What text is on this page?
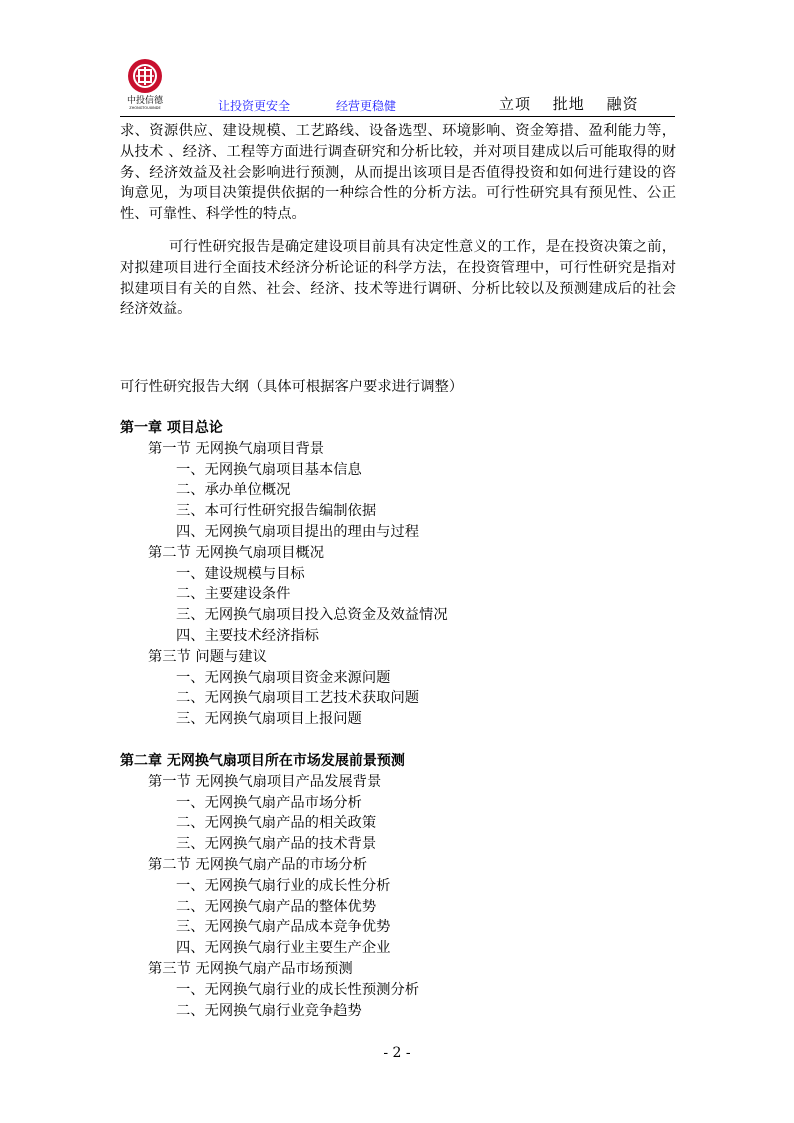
中投信德
ZHONGTOUXINDE	让投资更安全	经营更稳健	立项 批地 融资
求、资源供应、建设规模、工艺路线、设备选型、环境影响、资金筹措、盈利能力等，从技术 、经济、工程等方面进行调查研究和分析比较，并对项目建成以后可能取得的财务、经济效益及社会影响进行预测，从而提出该项目是否值得投资和如何进行建设的咨询意见，为项目决策提供依据的一种综合性的分析方法。可行性研究具有预见性、公正性、可靠性、科学性的特点。
可行性研究报告是确定建设项目前具有决定性意义的工作，是在投资决策之前，对拟建项目进行全面技术经济分析论证的科学方法，在投资管理中，可行性研究是指对拟建项目有关的自然、社会、经济、技术等进行调研、分析比较以及预测建成后的社会经济效益。
可行性研究报告大纲（具体可根据客户要求进行调整）
第一章 项目总论
第一节 无网换气扇项目背景
一、无网换气扇项目基本信息
二、承办单位概况
三、本可行性研究报告编制依据
四、无网换气扇项目提出的理由与过程
第二节 无网换气扇项目概况
一、建设规模与目标
二、主要建设条件
三、无网换气扇项目投入总资金及效益情况
四、主要技术经济指标
第三节 问题与建议
一、无网换气扇项目资金来源问题
二、无网换气扇项目工艺技术获取问题
三、无网换气扇项目上报问题
第二章 无网换气扇项目所在市场发展前景预测
第一节 无网换气扇项目产品发展背景
一、无网换气扇产品市场分析
二、无网换气扇产品的相关政策
三、无网换气扇产品的技术背景
第二节 无网换气扇产品的市场分析
一、无网换气扇行业的成长性分析
二、无网换气扇产品的整体优势
三、无网换气扇产品成本竞争优势
四、无网换气扇行业主要生产企业
第三节 无网换气扇产品市场预测
一、无网换气扇行业的成长性预测分析
二、无网换气扇行业竞争趋势
- 2 -
